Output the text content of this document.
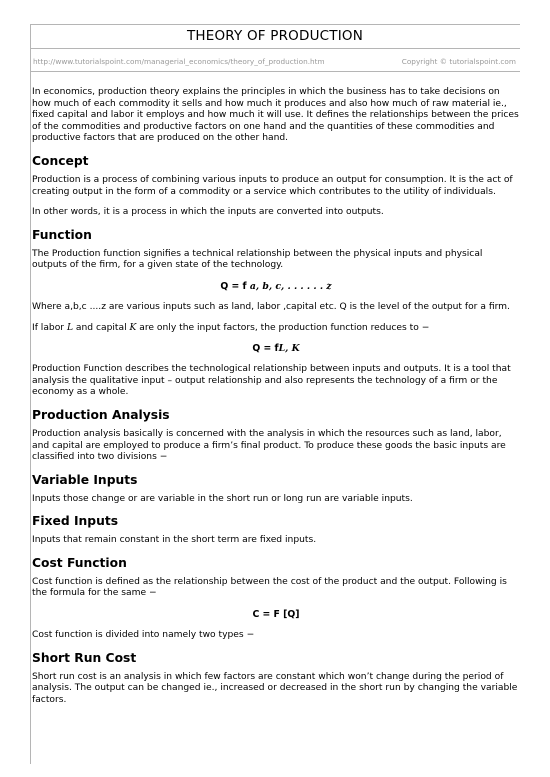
THEORY OF PRODUCTION
http://www.tutorialspoint.com/managerial_economics/theory_of_production.htm	Copyright © tutorialspoint.com

In economics, production theory explains the principles in which the business has to take decisions on how much of each commodity it sells and how much it produces and also how much of raw material ie., fixed capital and labor it employs and how much it will use. It defines the relationships between the prices of the commodities and productive factors on one hand and the quantities of these commodities and productive factors that are produced on the other hand.

Concept

Production is a process of combining various inputs to produce an output for consumption. It is the act of creating output in the form of a commodity or a service which contributes to the utility of individuals.

In other words, it is a process in which the inputs are converted into outputs.

Function

The Production function signifies a technical relationship between the physical inputs and physical outputs of the firm, for a given state of the technology.

Q = f a, b, c, . . . . . . z

Where a,b,c ....z are various inputs such as land, labor ,capital etc. Q is the level of the output for a firm.

If labor L and capital K are only the input factors, the production function reduces to −

Q = fL, K

Production Function describes the technological relationship between inputs and outputs. It is a tool that analysis the qualitative input – output relationship and also represents the technology of a firm or the economy as a whole.

Production Analysis

Production analysis basically is concerned with the analysis in which the resources such as land, labor, and capital are employed to produce a firm’s final product. To produce these goods the basic inputs are classified into two divisions −

Variable Inputs

Inputs those change or are variable in the short run or long run are variable inputs.

Fixed Inputs

Inputs that remain constant in the short term are fixed inputs.

Cost Function

Cost function is defined as the relationship between the cost of the product and the output. Following is the formula for the same −

C = F [Q]

Cost function is divided into namely two types −

Short Run Cost

Short run cost is an analysis in which few factors are constant which won’t change during the period of analysis. The output can be changed ie., increased or decreased in the short run by changing the variable factors.
